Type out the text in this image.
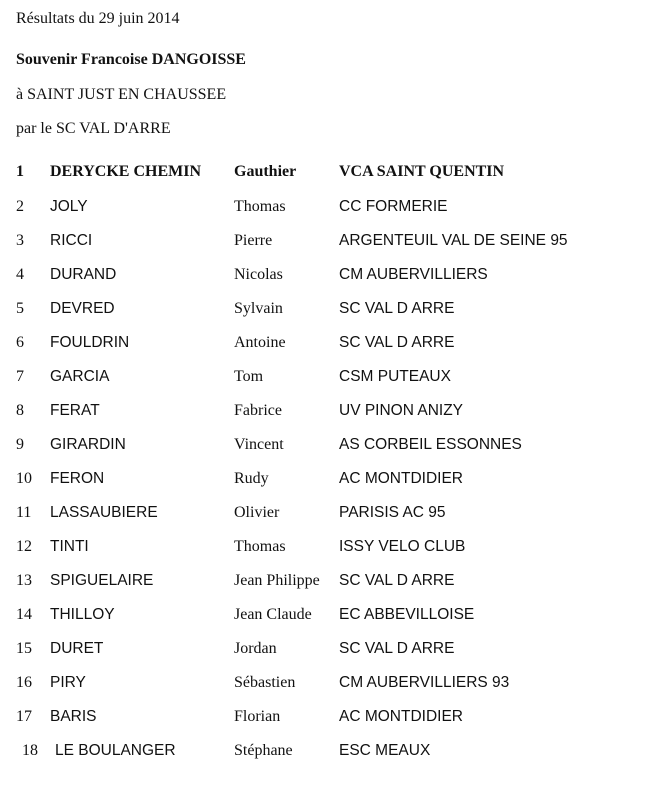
Résultats du 29 juin 2014
Souvenir Francoise DANGOISSE
à SAINT JUST EN CHAUSSEE
par le SC VAL D'ARRE
1	DERYCKE CHEMIN	Gauthier	VCA SAINT QUENTIN
2	JOLY	Thomas	CC FORMERIE
3	RICCI	Pierre	ARGENTEUIL VAL DE SEINE 95
4	DURAND	Nicolas	CM AUBERVILLIERS
5	DEVRED	Sylvain	SC VAL D ARRE
6	FOULDRIN	Antoine	SC VAL D ARRE
7	GARCIA	Tom	CSM PUTEAUX
8	FERAT	Fabrice	UV PINON ANIZY
9	GIRARDIN	Vincent	AS CORBEIL ESSONNES
10	FERON	Rudy	AC MONTDIDIER
11	LASSAUBIERE	Olivier	PARISIS AC 95
12	TINTI	Thomas	ISSY VELO CLUB
13	SPIGUELAIRE	Jean Philippe	SC VAL D ARRE
14	THILLOY	Jean Claude	EC ABBEVILLOISE
15	DURET	Jordan	SC VAL D ARRE
16	PIRY	Sébastien	CM AUBERVILLIERS 93
17	BARIS	Florian	AC MONTDIDIER
18	LE BOULANGER	Stéphane	ESC MEAUX
